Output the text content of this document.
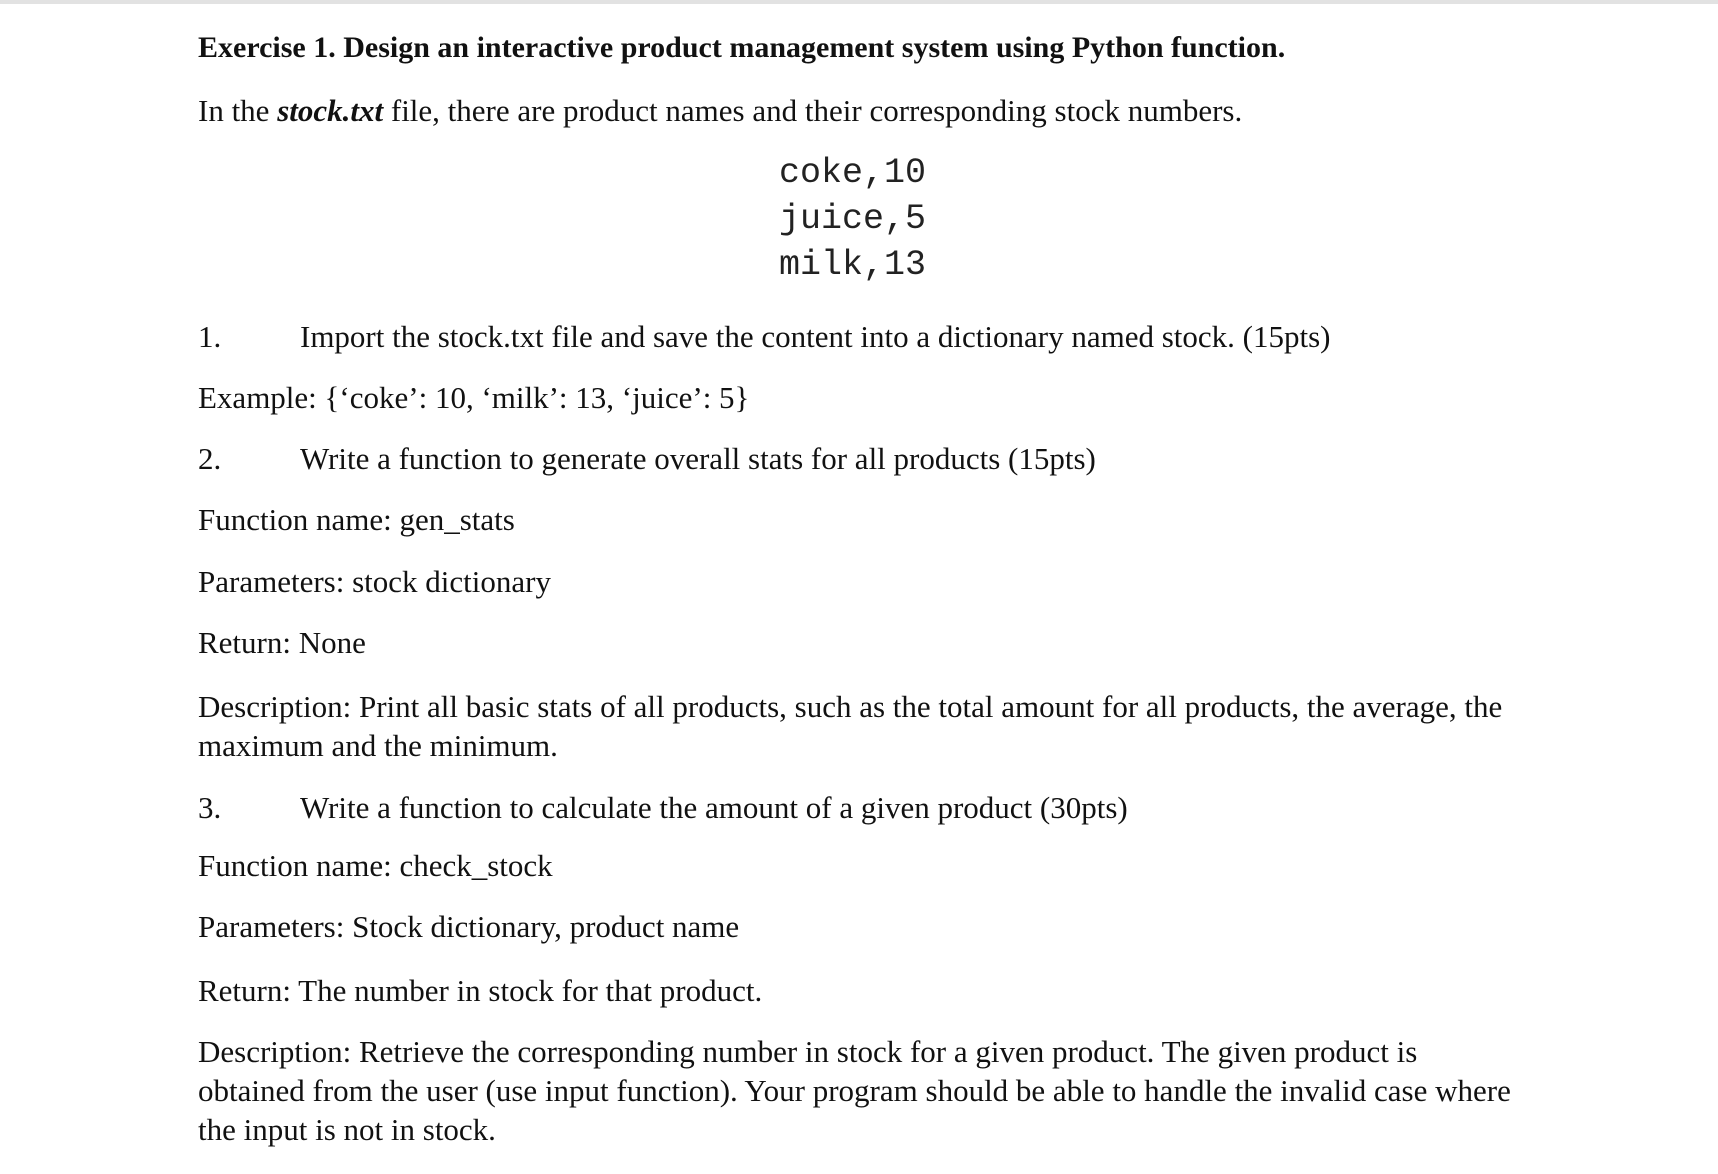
Exercise 1. Design an interactive product management system using Python function.
In the stock.txt file, there are product names and their corresponding stock numbers.
coke,10
juice,5
milk,13
1.	Import the stock.txt file and save the content into a dictionary named stock. (15pts)
Example: {‘coke’: 10, ‘milk’: 13, ‘juice’: 5}
2.	Write a function to generate overall stats for all products (15pts)
Function name: gen_stats
Parameters: stock dictionary
Return: None
Description: Print all basic stats of all products, such as the total amount for all products, the average, the maximum and the minimum.
3.	Write a function to calculate the amount of a given product (30pts)
Function name: check_stock
Parameters: Stock dictionary, product name
Return: The number in stock for that product.
Description: Retrieve the corresponding number in stock for a given product. The given product is obtained from the user (use input function). Your program should be able to handle the invalid case where the input is not in stock.
